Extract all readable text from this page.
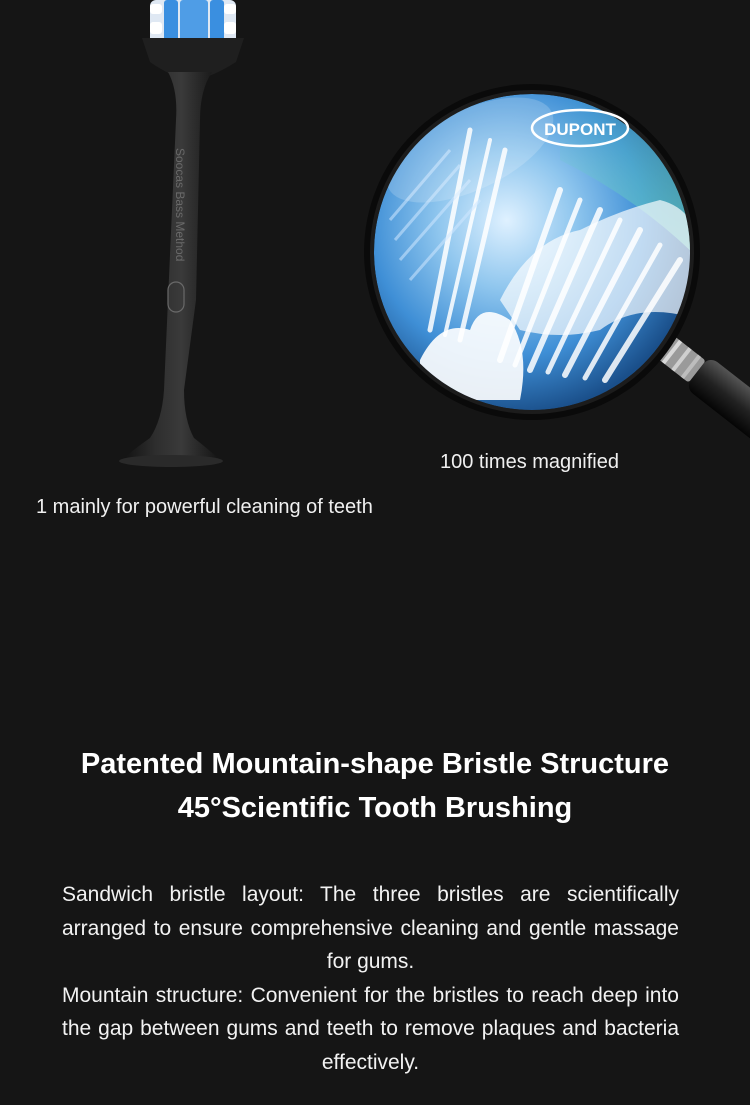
Soocas Bass Method
DUPONT
100 times magnified
1 mainly for powerful cleaning of teeth
Patented Mountain-shape Bristle Structure
45°Scientific Tooth Brushing

Sandwich bristle layout: The three bristles are scientifically arranged to ensure comprehensive cleaning and gentle massage for gums.

Mountain structure: Convenient for the bristles to reach deep into the gap between gums and teeth to remove plaques and bacteria effectively.
